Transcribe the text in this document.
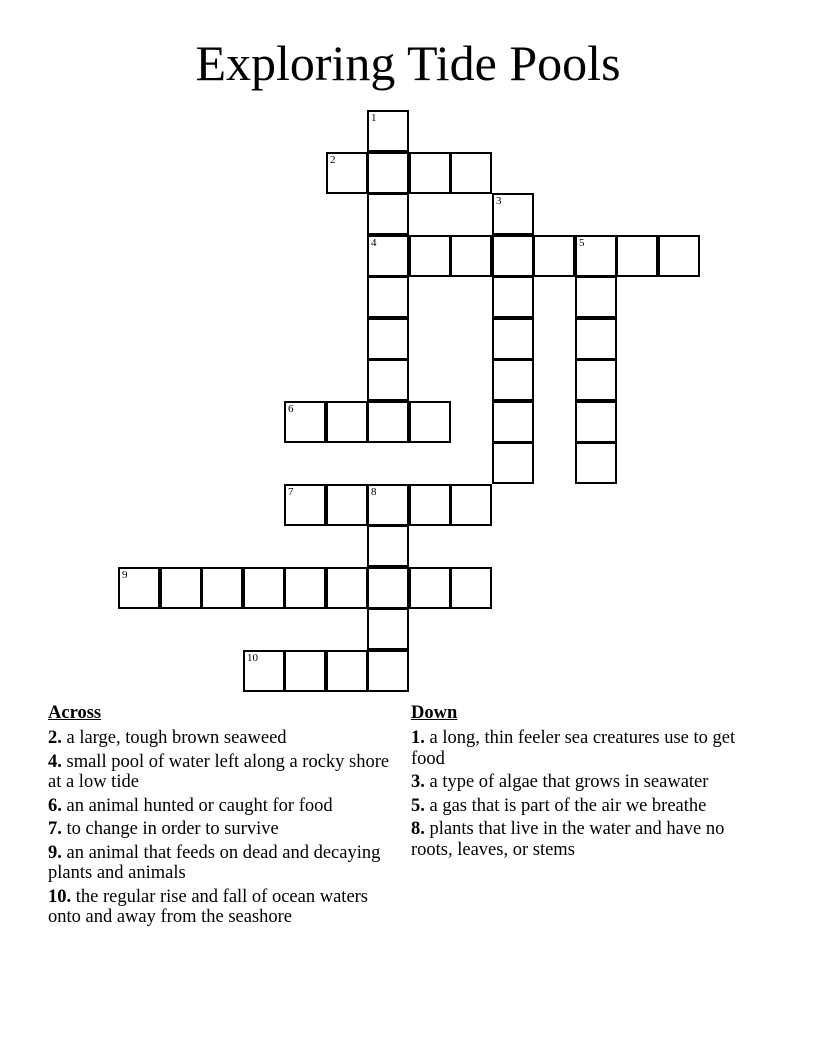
Exploring Tide Pools
1
4
2
3
5
6
7	8
9
10
Across
2. a large, tough brown seaweed
4. small pool of water left along a rocky shore at a low tide
6. an animal hunted or caught for food
7. to change in order to survive
9. an animal that feeds on dead and decaying plants and animals
10. the regular rise and fall of ocean waters onto and away from the seashore
Down
1. a long, thin feeler sea creatures use to get food
3. a type of algae that grows in seawater
5. a gas that is part of the air we breathe
8. plants that live in the water and have no roots, leaves, or stems
